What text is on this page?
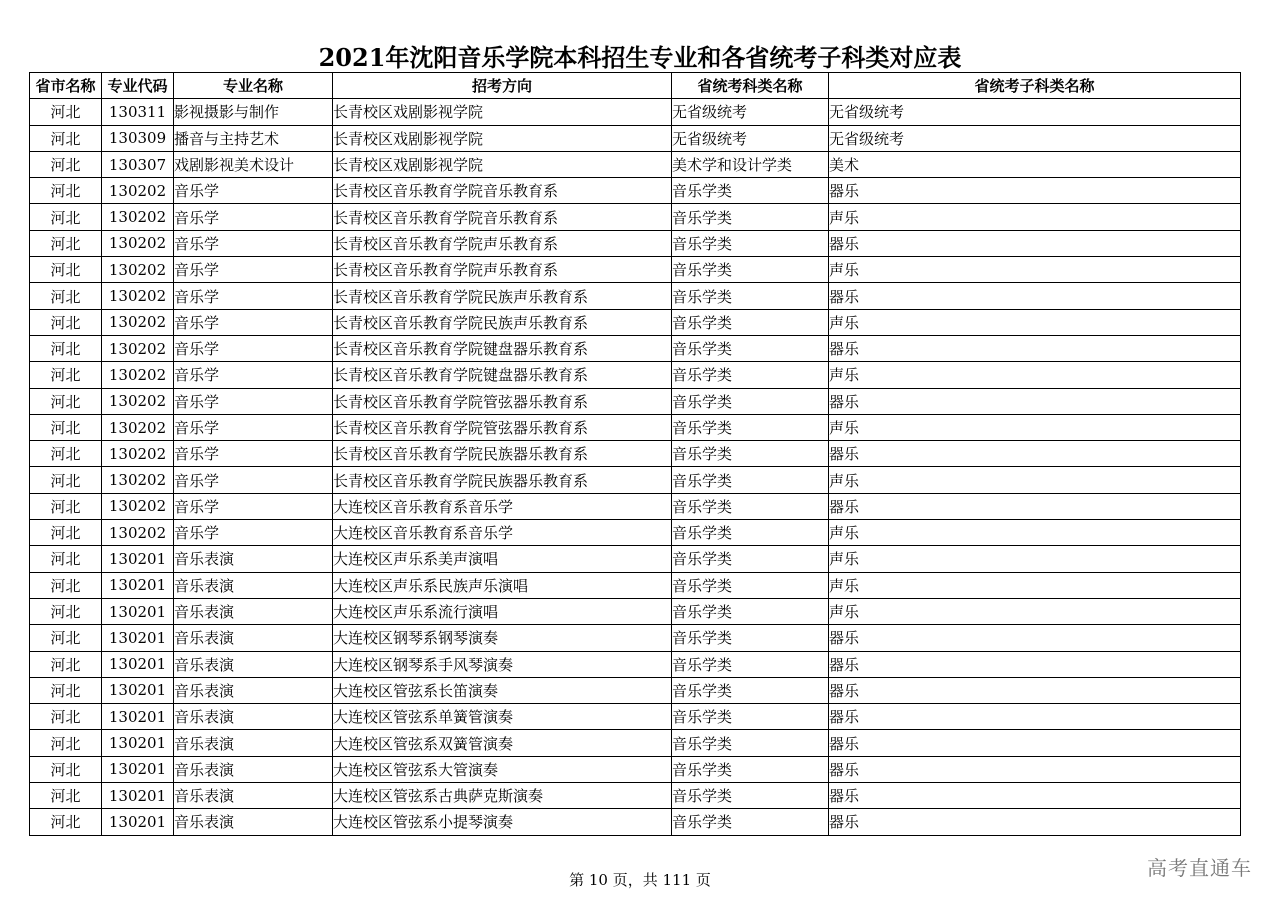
2021年沈阳音乐学院本科招生专业和各省统考子科类对应表
省市名称	专业代码	专业名称	招考方向	省统考科类名称	省统考子科类名称
河北	130311	影视摄影与制作	长青校区戏剧影视学院	无省级统考	无省级统考
河北	130309	播音与主持艺术	长青校区戏剧影视学院	无省级统考	无省级统考
河北	130307	戏剧影视美术设计	长青校区戏剧影视学院	美术学和设计学类	美术
河北	130202	音乐学	长青校区音乐教育学院音乐教育系	音乐学类	器乐
河北	130202	音乐学	长青校区音乐教育学院音乐教育系	音乐学类	声乐
河北	130202	音乐学	长青校区音乐教育学院声乐教育系	音乐学类	器乐
河北	130202	音乐学	长青校区音乐教育学院声乐教育系	音乐学类	声乐
河北	130202	音乐学	长青校区音乐教育学院民族声乐教育系	音乐学类	器乐
河北	130202	音乐学	长青校区音乐教育学院民族声乐教育系	音乐学类	声乐
河北	130202	音乐学	长青校区音乐教育学院键盘器乐教育系	音乐学类	器乐
河北	130202	音乐学	长青校区音乐教育学院键盘器乐教育系	音乐学类	声乐
河北	130202	音乐学	长青校区音乐教育学院管弦器乐教育系	音乐学类	器乐
河北	130202	音乐学	长青校区音乐教育学院管弦器乐教育系	音乐学类	声乐
河北	130202	音乐学	长青校区音乐教育学院民族器乐教育系	音乐学类	器乐
河北	130202	音乐学	长青校区音乐教育学院民族器乐教育系	音乐学类	声乐
河北	130202	音乐学	大连校区音乐教育系音乐学	音乐学类	器乐
河北	130202	音乐学	大连校区音乐教育系音乐学	音乐学类	声乐
河北	130201	音乐表演	大连校区声乐系美声演唱	音乐学类	声乐
河北	130201	音乐表演	大连校区声乐系民族声乐演唱	音乐学类	声乐
河北	130201	音乐表演	大连校区声乐系流行演唱	音乐学类	声乐
河北	130201	音乐表演	大连校区钢琴系钢琴演奏	音乐学类	器乐
河北	130201	音乐表演	大连校区钢琴系手风琴演奏	音乐学类	器乐
河北	130201	音乐表演	大连校区管弦系长笛演奏	音乐学类	器乐
河北	130201	音乐表演	大连校区管弦系单簧管演奏	音乐学类	器乐
河北	130201	音乐表演	大连校区管弦系双簧管演奏	音乐学类	器乐
河北	130201	音乐表演	大连校区管弦系大管演奏	音乐学类	器乐
河北	130201	音乐表演	大连校区管弦系古典萨克斯演奏	音乐学类	器乐
河北	130201	音乐表演	大连校区管弦系小提琴演奏	音乐学类	器乐
第 10 页，共 111 页	高考直通车
